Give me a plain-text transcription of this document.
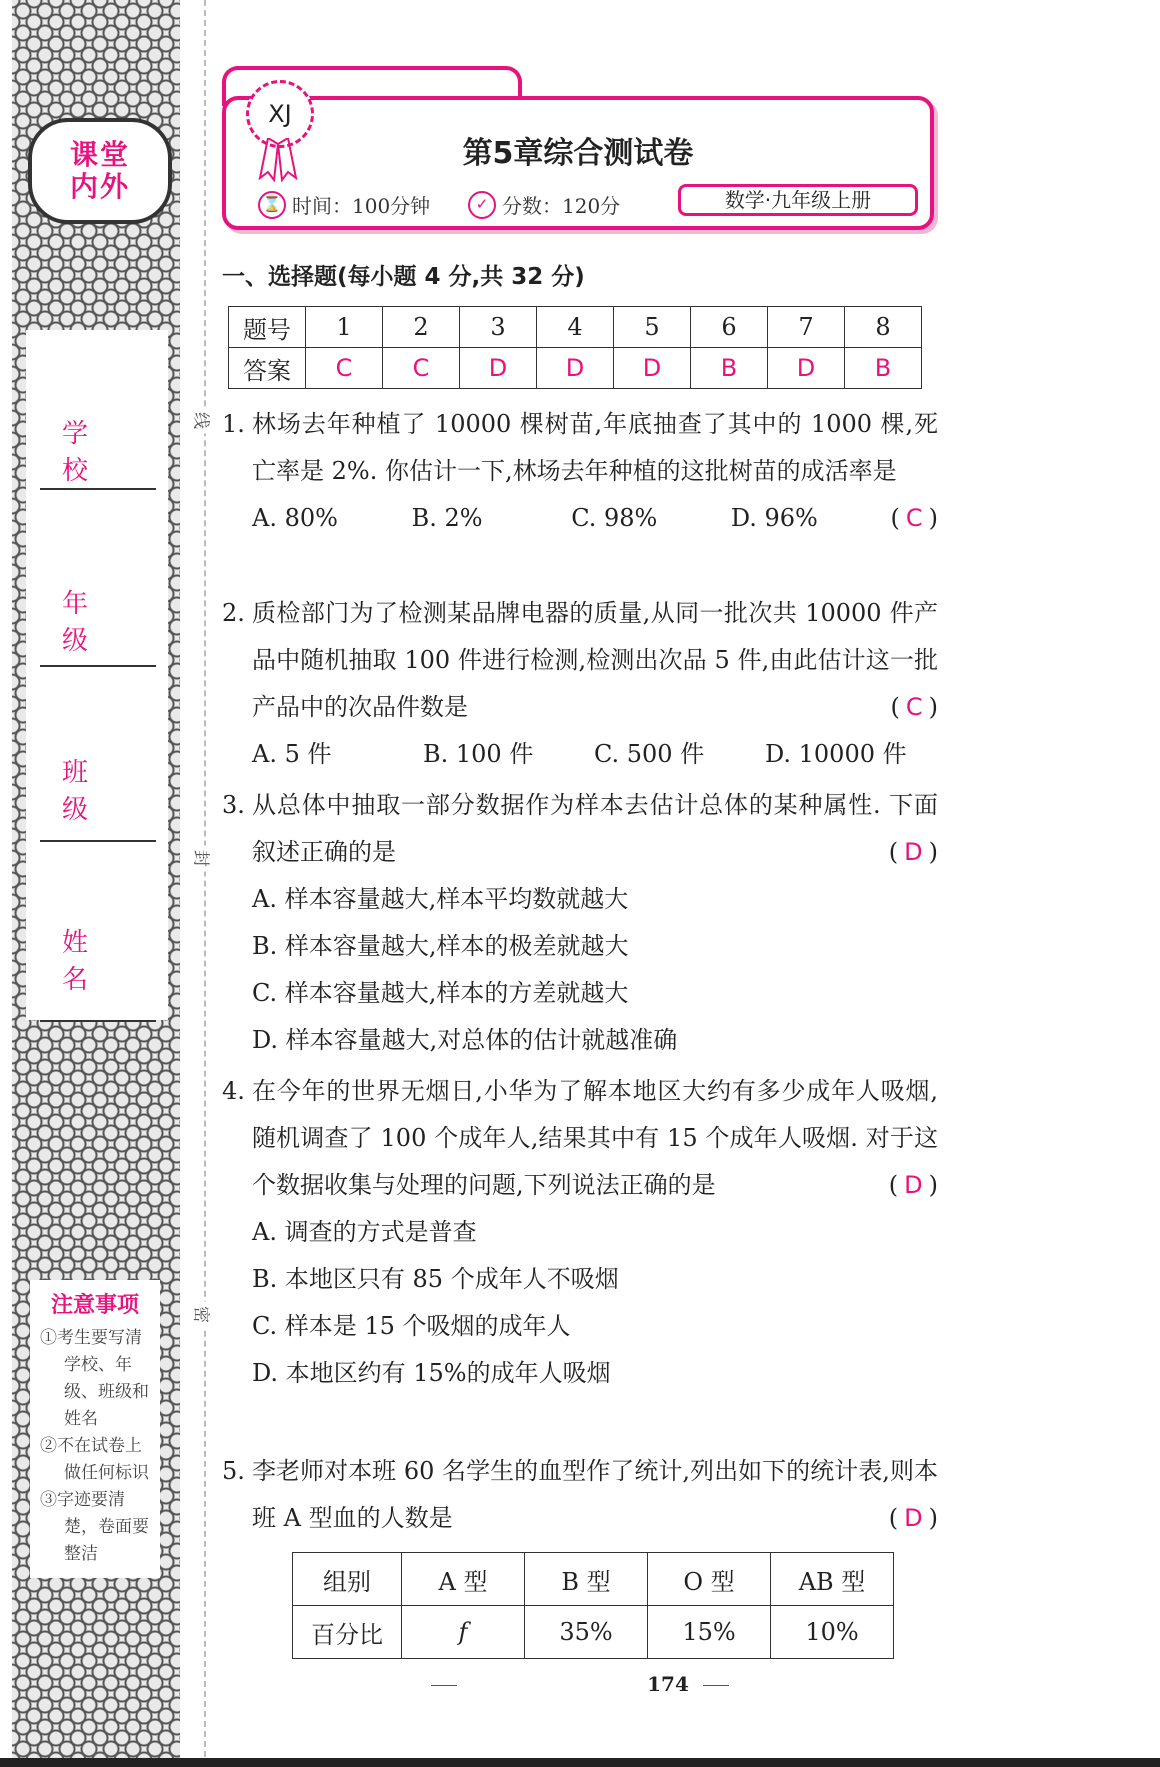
课堂
内外
学 校
年 级
班 级
姓 名
注意事项
①考生要写清学校、年级、班级和姓名
②不在试卷上做任何标识
③字迹要清楚，卷面要整洁
线
封
密
XJ
第5章综合测试卷
⌛ 时间：100分钟	✓ 分数：120分	数学·九年级上册
一、选择题(每小题 4 分,共 32 分)
题号	1	2	3	4	5	6	7	8
答案	C	C	D	D	D	B	D	B
1. 林场去年种植了 10000 棵树苗,年底抽查了其中的 1000 棵,死亡率是 2%. 你估计一下,林场去年种植的这批树苗的成活率是
( C )
A. 80%	B. 2%	C. 98%	D. 96%
2. 质检部门为了检测某品牌电器的质量,从同一批次共 10000 件产品中随机抽取 100 件进行检测,检测出次品 5 件,由此估计这一批产品中的次品件数是	( C )
A. 5 件	B. 100 件	C. 500 件	D. 10000 件
3. 从总体中抽取一部分数据作为样本去估计总体的某种属性. 下面叙述正确的是	( D )
A. 样本容量越大,样本平均数就越大
B. 样本容量越大,样本的极差就越大
C. 样本容量越大,样本的方差就越大
D. 样本容量越大,对总体的估计就越准确
4. 在今年的世界无烟日,小华为了解本地区大约有多少成年人吸烟,随机调查了 100 个成年人,结果其中有 15 个成年人吸烟. 对于这个数据收集与处理的问题,下列说法正确的是	( D )
A. 调查的方式是普查
B. 本地区只有 85 个成年人不吸烟
C. 样本是 15 个吸烟的成年人
D. 本地区约有 15%的成年人吸烟
5. 李老师对本班 60 名学生的血型作了统计,列出如下的统计表,则本班 A 型血的人数是	( D )
组别	A 型	B 型	O 型	AB 型
百分比	f	35%	15%	10%
174
